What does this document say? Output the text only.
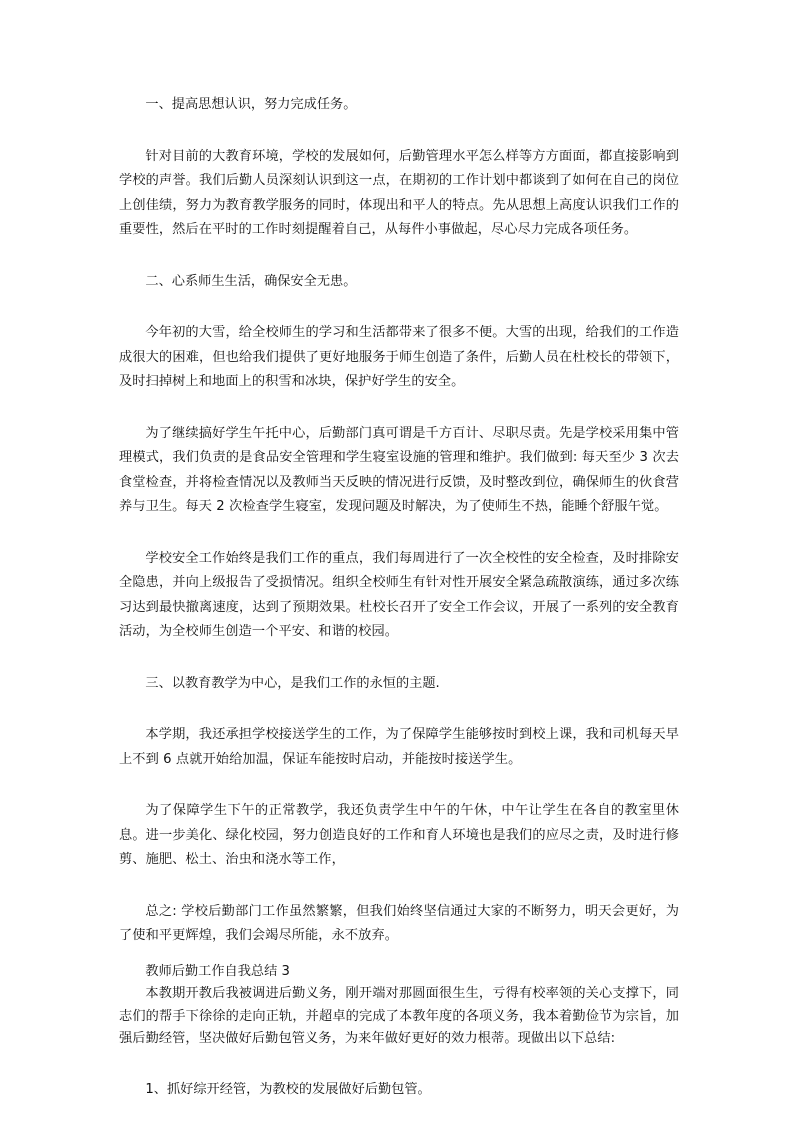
一、提高思想认识，努力完成任务。

针对目前的大教育环境，学校的发展如何，后勤管理水平怎么样等方方面面，都直接影响到学校的声誉。我们后勤人员深刻认识到这一点，在期初的工作计划中都谈到了如何在自己的岗位上创佳绩，努力为教育教学服务的同时，体现出和平人的特点。先从思想上高度认识我们工作的重要性，然后在平时的工作时刻提醒着自己，从每件小事做起，尽心尽力完成各项任务。

二、心系师生生活，确保安全无患。

今年初的大雪，给全校师生的学习和生活都带来了很多不便。大雪的出现，给我们的工作造成很大的困难，但也给我们提供了更好地服务于师生创造了条件，后勤人员在杜校长的带领下，及时扫掉树上和地面上的积雪和冰块，保护好学生的安全。

为了继续搞好学生午托中心，后勤部门真可谓是千方百计、尽职尽责。先是学校采用集中管理模式，我们负责的是食品安全管理和学生寝室设施的管理和维护。我们做到: 每天至少 3 次去食堂检查，并将检查情况以及教师当天反映的情况进行反馈，及时整改到位，确保师生的伙食营养与卫生。每天 2 次检查学生寝室，发现问题及时解决，为了使师生不热，能睡个舒服午觉。

学校安全工作始终是我们工作的重点，我们每周进行了一次全校性的安全检查，及时排除安全隐患，并向上级报告了受损情况。组织全校师生有针对性开展安全紧急疏散演练，通过多次练习达到最快撤离速度，达到了预期效果。杜校长召开了安全工作会议，开展了一系列的安全教育活动，为全校师生创造一个平安、和谐的校园。

三、以教育教学为中心，是我们工作的永恒的主题.

本学期，我还承担学校接送学生的工作，为了保障学生能够按时到校上课，我和司机每天早上不到 6 点就开始给加温，保证车能按时启动，并能按时接送学生。

为了保障学生下午的正常教学，我还负责学生中午的午休，中午让学生在各自的教室里休息。进一步美化、绿化校园，努力创造良好的工作和育人环境也是我们的应尽之责，及时进行修剪、施肥、松土、治虫和浇水等工作，

总之: 学校后勤部门工作虽然繁繁，但我们始终坚信通过大家的不断努力，明天会更好，为了使和平更辉煌，我们会竭尽所能，永不放弃。

教师后勤工作自我总结 3

本教期开教后我被调进后勤义务，刚开端对那圆面很生生，亏得有校率领的关心支撑下，同志们的帮手下徐徐的走向正轨，并超卓的完成了本教年度的各项义务，我本着勤俭节为宗旨，加强后勤经管，坚决做好后勤包管义务，为来年做好更好的效力根蒂。现做出以下总结:

1、抓好综开经管，为教校的发展做好后勤包管。
